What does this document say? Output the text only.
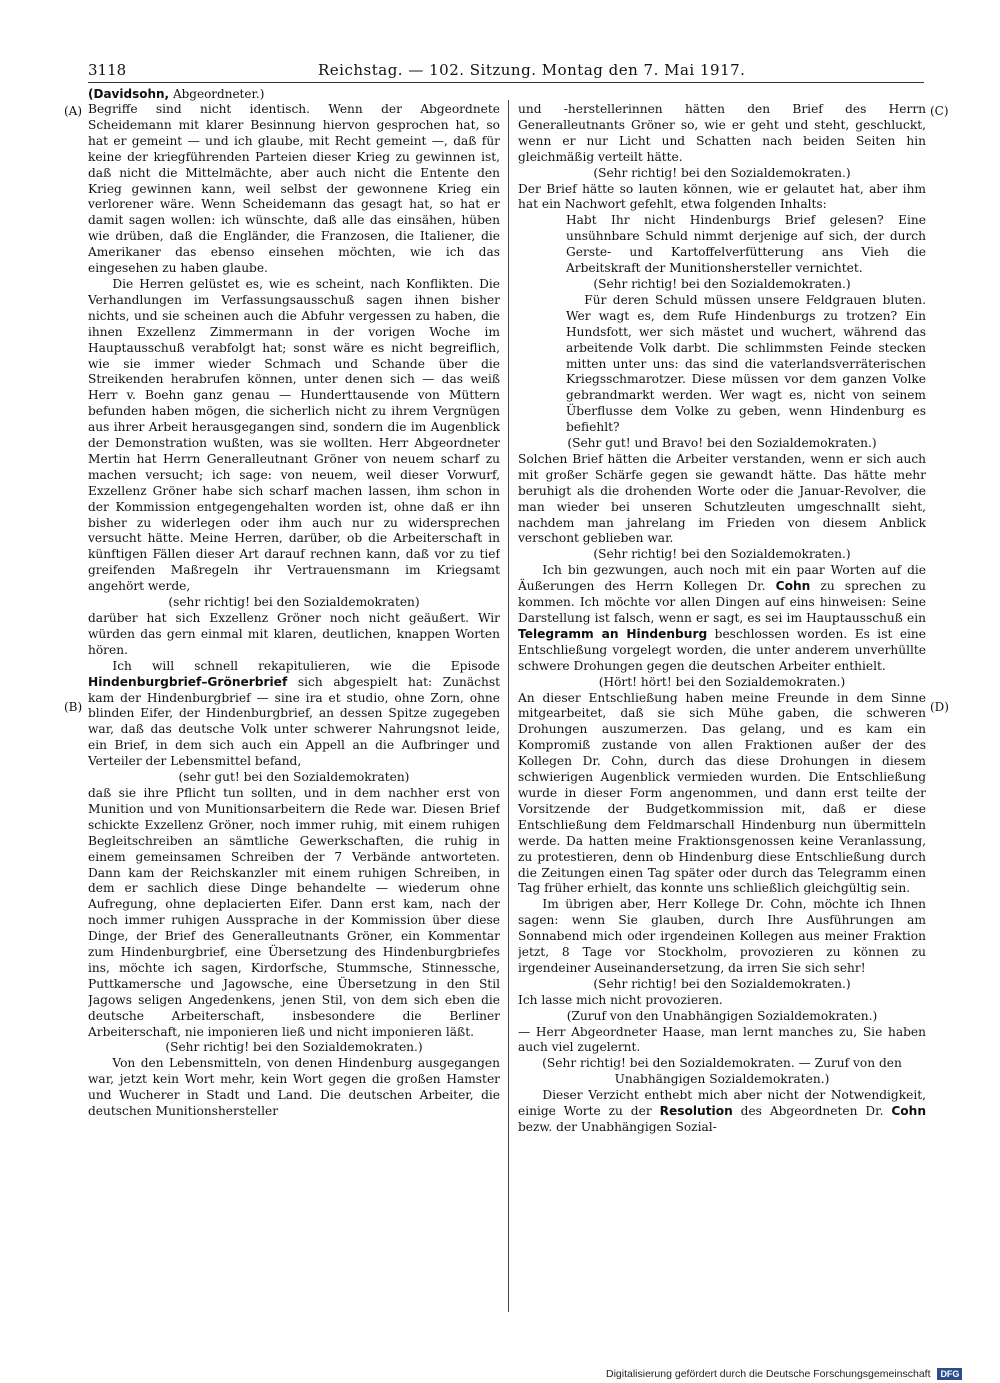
3118	Reichstag. — 102. Sitzung. Montag den 7. Mai 1917.
(Davidsohn, Abgeordneter.)
(A)
(B)
(C)
(D)

Begriffe sind nicht identisch. Wenn der Abgeordnete Scheidemann mit klarer Besinnung hiervon gesprochen hat, so hat er gemeint — und ich glaube, mit Recht gemeint —, daß für keine der kriegführenden Parteien dieser Krieg zu gewinnen ist, daß nicht die Mittelmächte, aber auch nicht die Entente den Krieg gewinnen kann, weil selbst der gewonnene Krieg ein verlorener wäre. Wenn Scheidemann das gesagt hat, so hat er damit sagen wollen: ich wünschte, daß alle das einsähen, hüben wie drüben, daß die Engländer, die Franzosen, die Italiener, die Amerikaner das ebenso einsehen möchten, wie ich das eingesehen zu haben glaube.

Die Herren gelüstet es, wie es scheint, nach Konflikten. Die Verhandlungen im Verfassungsausschuß sagen ihnen bisher nichts, und sie scheinen auch die Abfuhr vergessen zu haben, die ihnen Exzellenz Zimmermann in der vorigen Woche im Hauptausschuß verabfolgt hat; sonst wäre es nicht begreiflich, wie sie immer wieder Schmach und Schande über die Streikenden herabrufen können, unter denen sich — das weiß Herr v. Boehn ganz genau — Hunderttausende von Müttern befunden haben mögen, die sicherlich nicht zu ihrem Vergnügen aus ihrer Arbeit herausgegangen sind, sondern die im Augenblick der Demonstration wußten, was sie wollten. Herr Abgeordneter Mertin hat Herrn Generalleutnant Gröner von neuem scharf zu machen versucht; ich sage: von neuem, weil dieser Vorwurf, Exzellenz Gröner habe sich scharf machen lassen, ihm schon in der Kommission entgegengehalten worden ist, ohne daß er ihn bisher zu widerlegen oder ihm auch nur zu widersprechen versucht hätte. Meine Herren, darüber, ob die Arbeiterschaft in künftigen Fällen dieser Art darauf rechnen kann, daß vor zu tief greifenden Maßregeln ihr Vertrauensmann im Kriegsamt angehört werde,

(sehr richtig! bei den Sozialdemokraten)

darüber hat sich Exzellenz Gröner noch nicht geäußert. Wir würden das gern einmal mit klaren, deutlichen, knappen Worten hören.

Ich will schnell rekapitulieren, wie die Episode Hindenburgbrief–Grönerbrief sich abgespielt hat: Zunächst kam der Hindenburgbrief — sine ira et studio, ohne Zorn, ohne blinden Eifer, der Hindenburgbrief, an dessen Spitze zugegeben war, daß das deutsche Volk unter schwerer Nahrungsnot leide, ein Brief, in dem sich auch ein Appell an die Aufbringer und Verteiler der Lebensmittel befand,

(sehr gut! bei den Sozialdemokraten)

daß sie ihre Pflicht tun sollten, und in dem nachher erst von Munition und von Munitionsarbeitern die Rede war. Diesen Brief schickte Exzellenz Gröner, noch immer ruhig, mit einem ruhigen Begleitschreiben an sämtliche Gewerkschaften, die ruhig in einem gemeinsamen Schreiben der 7 Verbände antworteten. Dann kam der Reichskanzler mit einem ruhigen Schreiben, in dem er sachlich diese Dinge behandelte — wiederum ohne Aufregung, ohne deplacierten Eifer. Dann erst kam, nach der noch immer ruhigen Aussprache in der Kommission über diese Dinge, der Brief des Generalleutnants Gröner, ein Kommentar zum Hindenburgbrief, eine Übersetzung des Hindenburgbriefes ins, möchte ich sagen, Kirdorfsche, Stummsche, Stinnessche, Puttkamersche und Jagowsche, eine Übersetzung in den Stil Jagows seligen Angedenkens, jenen Stil, von dem sich eben die deutsche Arbeiterschaft, insbesondere die Berliner Arbeiterschaft, nie imponieren ließ und nicht imponieren läßt.

(Sehr richtig! bei den Sozialdemokraten.)

Von den Lebensmitteln, von denen Hindenburg ausgegangen war, jetzt kein Wort mehr, kein Wort gegen die großen Hamster und Wucherer in Stadt und Land. Die deutschen Arbeiter, die deutschen Munitionshersteller

und -herstellerinnen hätten den Brief des Herrn Generalleutnants Gröner so, wie er geht und steht, geschluckt, wenn er nur Licht und Schatten nach beiden Seiten hin gleichmäßig verteilt hätte.

(Sehr richtig! bei den Sozialdemokraten.)

Der Brief hätte so lauten können, wie er gelautet hat, aber ihm hat ein Nachwort gefehlt, etwa folgenden Inhalts:

Habt Ihr nicht Hindenburgs Brief gelesen? Eine unsühnbare Schuld nimmt derjenige auf sich, der durch Gerste- und Kartoffelverfütterung ans Vieh die Arbeitskraft der Munitionshersteller vernichtet.

(Sehr richtig! bei den Sozialdemokraten.)

Für deren Schuld müssen unsere Feldgrauen bluten. Wer wagt es, dem Rufe Hindenburgs zu trotzen? Ein Hundsfott, wer sich mästet und wuchert, während das arbeitende Volk darbt. Die schlimmsten Feinde stecken mitten unter uns: das sind die vaterlandsverräterischen Kriegsschmarotzer. Diese müssen vor dem ganzen Volke gebrandmarkt werden. Wer wagt es, nicht von seinem Überflusse dem Volke zu geben, wenn Hindenburg es befiehlt?

(Sehr gut! und Bravo! bei den Sozialdemokraten.)

Solchen Brief hätten die Arbeiter verstanden, wenn er sich auch mit großer Schärfe gegen sie gewandt hätte. Das hätte mehr beruhigt als die drohenden Worte oder die Januar-Revolver, die man wieder bei unseren Schutzleuten umgeschnallt sieht, nachdem man jahrelang im Frieden von diesem Anblick verschont geblieben war.

(Sehr richtig! bei den Sozialdemokraten.)

Ich bin gezwungen, auch noch mit ein paar Worten auf die Äußerungen des Herrn Kollegen Dr. Cohn zu sprechen zu kommen. Ich möchte vor allen Dingen auf eins hinweisen: Seine Darstellung ist falsch, wenn er sagt, es sei im Hauptausschuß ein Telegramm an Hindenburg beschlossen worden. Es ist eine Entschließung vorgelegt worden, die unter anderem unverhüllte schwere Drohungen gegen die deutschen Arbeiter enthielt.

(Hört! hört! bei den Sozialdemokraten.)

An dieser Entschließung haben meine Freunde in dem Sinne mitgearbeitet, daß sie sich Mühe gaben, die schweren Drohungen auszumerzen. Das gelang, und es kam ein Kompromiß zustande von allen Fraktionen außer der des Kollegen Dr. Cohn, durch das diese Drohungen in diesem schwierigen Augenblick vermieden wurden. Die Entschließung wurde in dieser Form angenommen, und dann erst teilte der Vorsitzende der Budgetkommission mit, daß er diese Entschließung dem Feldmarschall Hindenburg nun übermitteln werde. Da hatten meine Fraktionsgenossen keine Veranlassung, zu protestieren, denn ob Hindenburg diese Entschließung durch die Zeitungen einen Tag später oder durch das Telegramm einen Tag früher erhielt, das konnte uns schließlich gleichgültig sein.

Im übrigen aber, Herr Kollege Dr. Cohn, möchte ich Ihnen sagen: wenn Sie glauben, durch Ihre Ausführungen am Sonnabend mich oder irgendeinen Kollegen aus meiner Fraktion jetzt, 8 Tage vor Stockholm, provozieren zu können zu irgendeiner Auseinandersetzung, da irren Sie sich sehr!

(Sehr richtig! bei den Sozialdemokraten.)

Ich lasse mich nicht provozieren.

(Zuruf von den Unabhängigen Sozialdemokraten.)

— Herr Abgeordneter Haase, man lernt manches zu, Sie haben auch viel zugelernt.

(Sehr richtig! bei den Sozialdemokraten. — Zuruf von den Unabhängigen Sozialdemokraten.)

Dieser Verzicht enthebt mich aber nicht der Notwendigkeit, einige Worte zu der Resolution des Abgeordneten Dr. Cohn bezw. der Unabhängigen Sozial-

Digitalisierung gefördert durch die Deutsche Forschungsgemeinschaft DFG
